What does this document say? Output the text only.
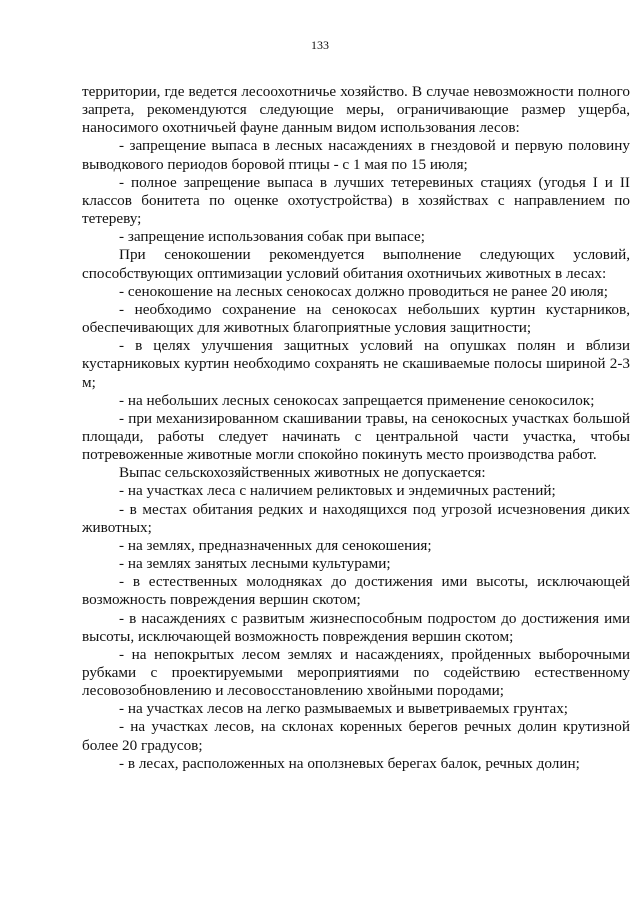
133

территории, где ведется лесоохотничье хозяйство. В случае невозможности полного запрета, рекомендуются следующие меры, ограничивающие размер ущерба, наносимого охотничьей фауне данным видом использования лесов:

- запрещение выпаса в лесных насаждениях в гнездовой и первую половину выводкового периодов боровой птицы - с 1 мая по 15 июля;

- полное запрещение выпаса в лучших тетеревиных стациях (угодья I и II классов бонитета по оценке охотустройства) в хозяйствах с направлением по тетереву;

- запрещение использования собак при выпасе;

При сенокошении рекомендуется выполнение следующих условий, способствующих оптимизации условий обитания охотничьих животных в лесах:

- сенокошение на лесных сенокосах должно проводиться не ранее 20 июля;

- необходимо сохранение на сенокосах небольших куртин кустарников, обеспечивающих для животных благоприятные условия защитности;

- в целях улучшения защитных условий на опушках полян и вблизи кустарниковых куртин необходимо сохранять не скашиваемые полосы шириной 2-3 м;

- на небольших лесных сенокосах запрещается применение сенокосилок;

- при механизированном скашивании травы, на сенокосных участках большой площади, работы следует начинать с центральной части участка, чтобы потревоженные животные могли спокойно покинуть место производства работ.

Выпас сельскохозяйственных животных не допускается:

- на участках леса с наличием реликтовых и эндемичных растений;

- в местах обитания редких и находящихся под угрозой исчезновения диких животных;

- на землях, предназначенных для сенокошения;

- на землях занятых лесными культурами;

- в естественных молодняках до достижения ими высоты, исключающей возможность повреждения вершин скотом;

- в насаждениях с развитым жизнеспособным подростом до достижения ими высоты, исключающей возможность повреждения вершин скотом;

- на непокрытых лесом землях и насаждениях, пройденных выборочными рубками с проектируемыми мероприятиями по содействию естественному лесовозобновлению и лесовосстановлению хвойными породами;

- на участках лесов на легко размываемых и выветриваемых грунтах;

- на участках лесов, на склонах коренных берегов речных долин крутизной более 20 градусов;

- в лесах, расположенных на оползневых берегах балок, речных долин;
